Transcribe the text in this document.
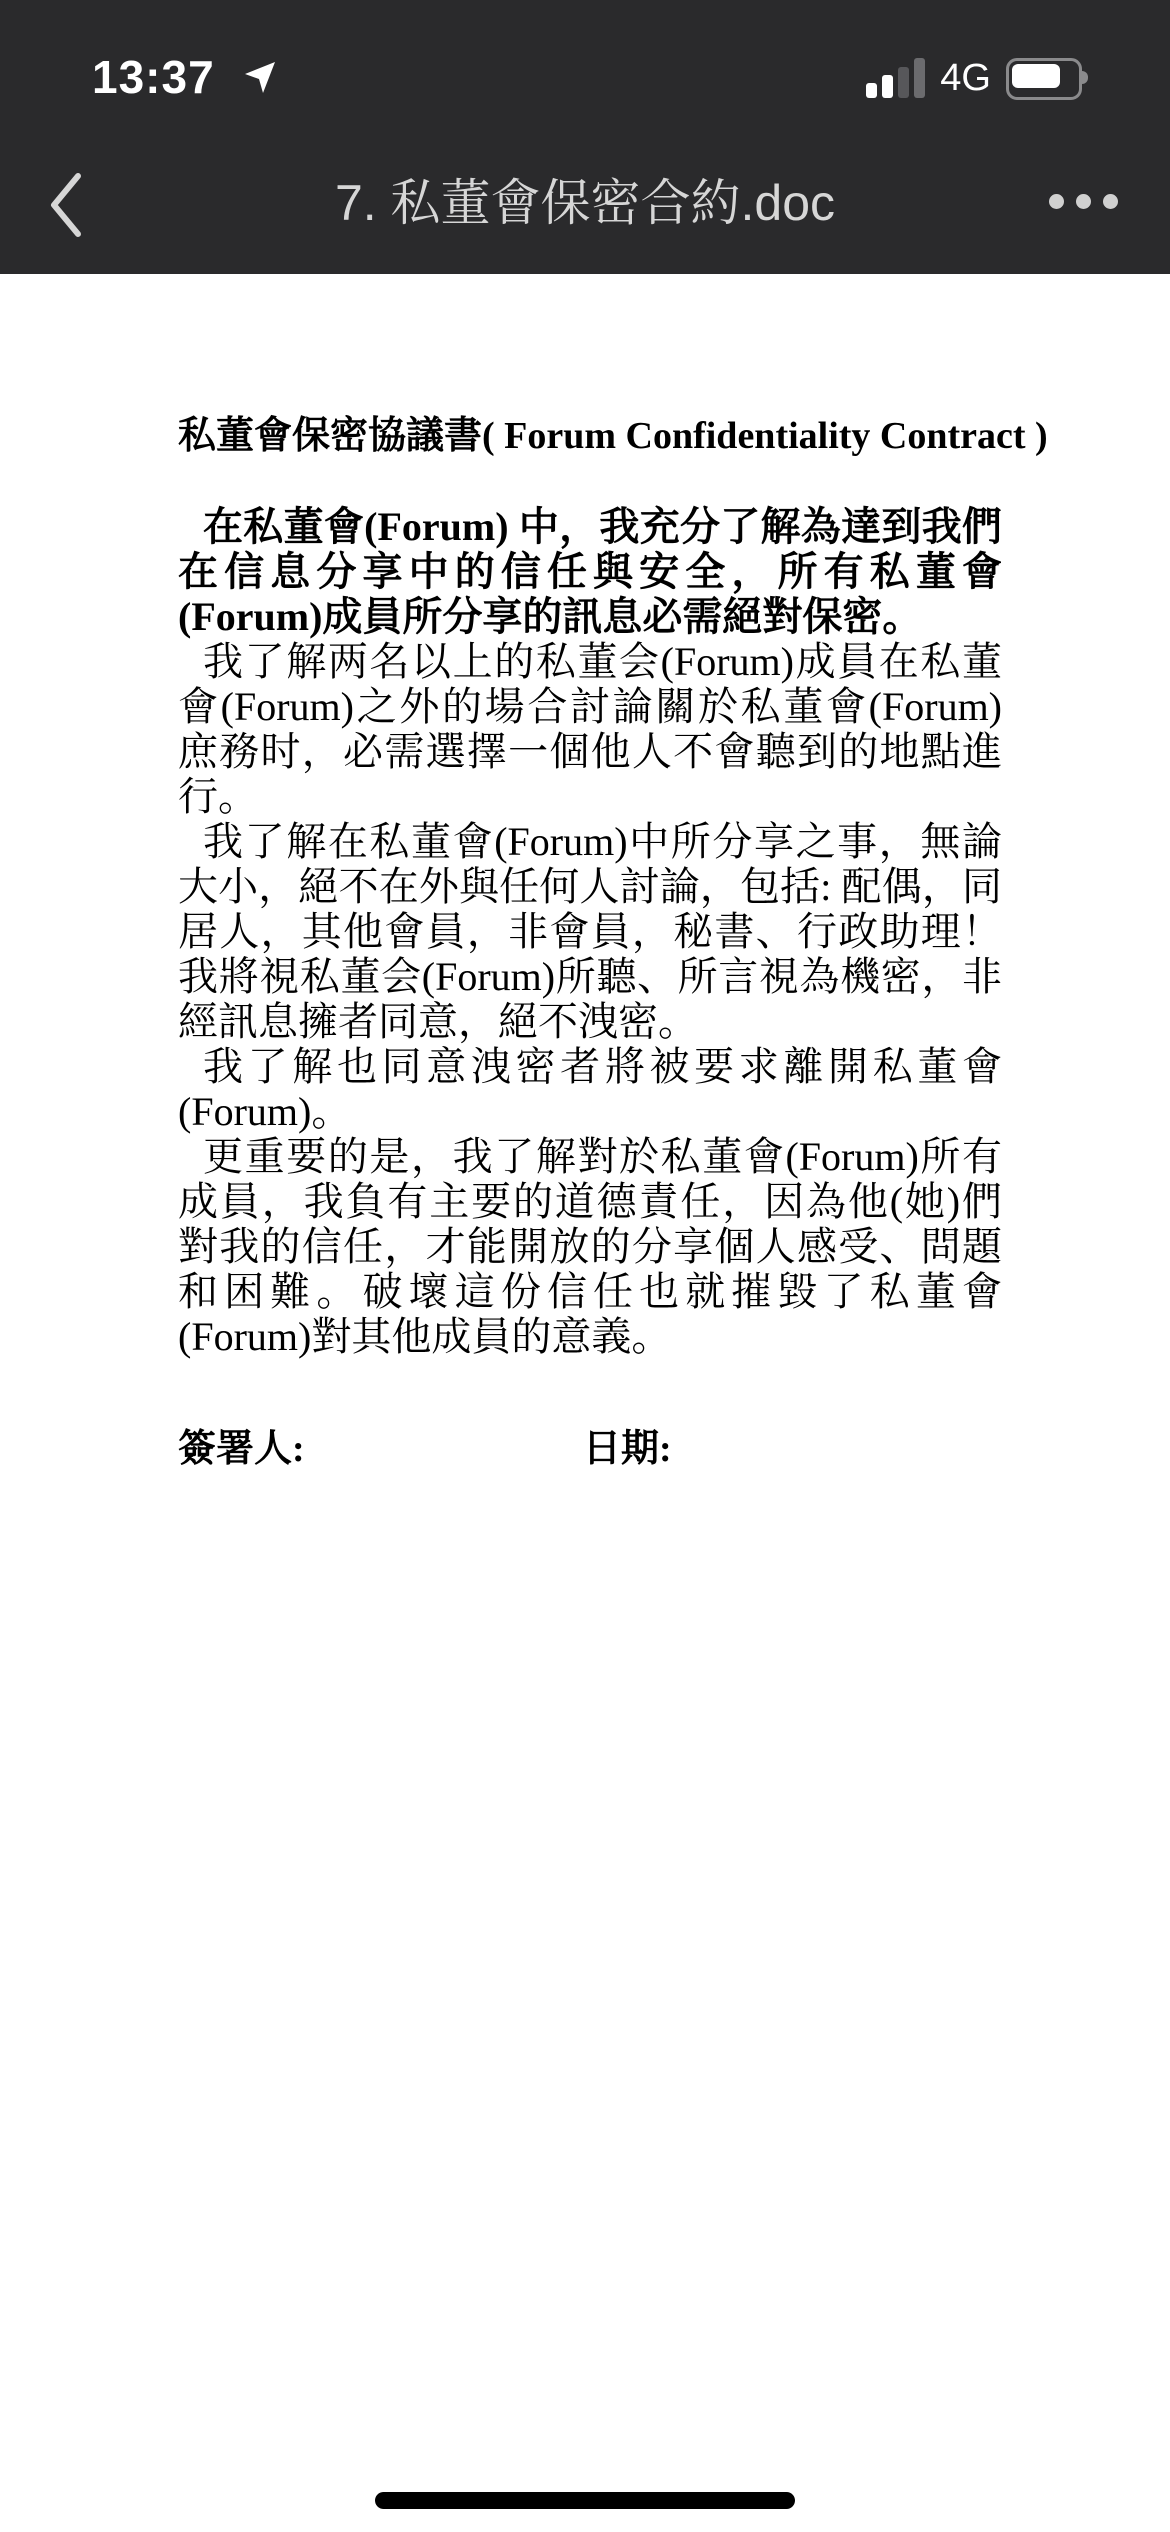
13:37	4G
7. 私董會保密合約.doc
私董會保密協議書( Forum Confidentiality Contract )

在私董會(Forum) 中，我充分了解為達到我們在信息分享中的信任與安全，所有私董會(Forum)成員所分享的訊息必需絕對保密。

我了解两名以上的私董会(Forum)成員在私董會(Forum)之外的場合討論關於私董會(Forum)庶務时，必需選擇一個他人不會聽到的地點進行。

我了解在私董會(Forum)中所分享之事，無論大小，絕不在外與任何人討論，包括: 配偶，同居人，其他會員，非會員，秘書、行政助理！我將視私董会(Forum)所聽、所言視為機密，非經訊息擁者同意，絕不洩密。

我了解也同意洩密者將被要求離開私董會(Forum)。

更重要的是，我了解對於私董會(Forum)所有成員，我負有主要的道德責任，因為他(她)們對我的信任，才能開放的分享個人感受、問題和困難。破壞這份信任也就摧毀了私董會(Forum)對其他成員的意義。

簽署人:	日期:
